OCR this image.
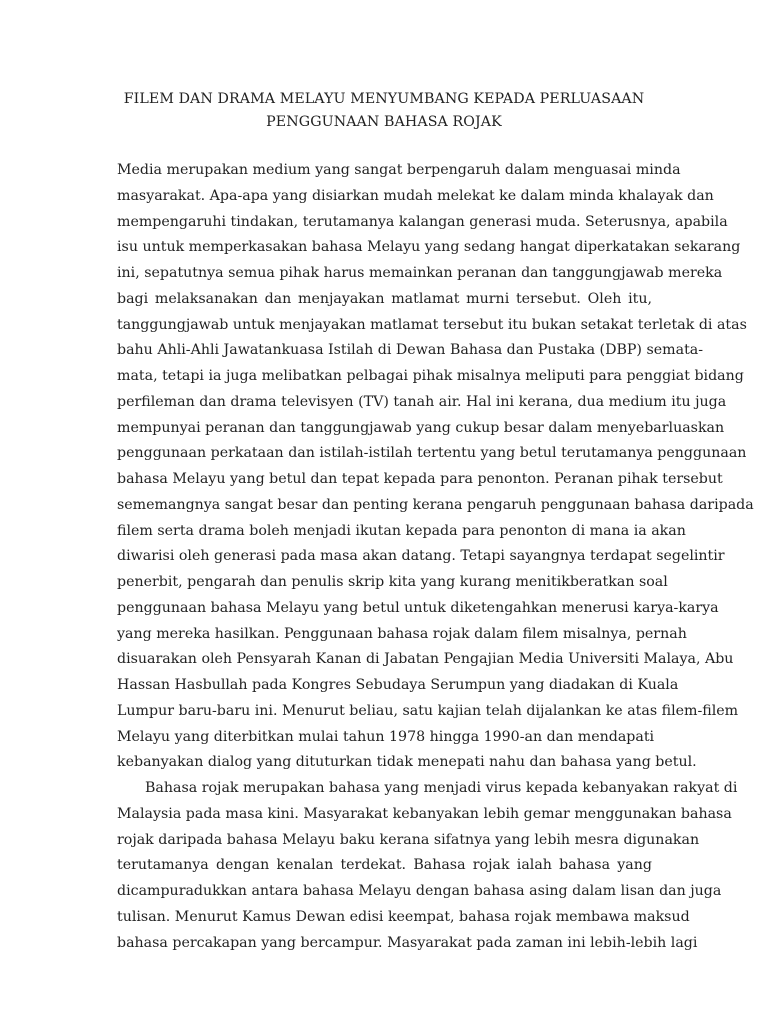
FILEM DAN DRAMA MELAYU MENYUMBANG KEPADA PERLUASAAN
PENGGUNAAN BAHASA ROJAK

Media merupakan medium yang sangat berpengaruh dalam menguasai minda
masyarakat. Apa-apa yang disiarkan mudah melekat ke dalam minda khalayak dan
mempengaruhi tindakan, terutamanya kalangan generasi muda. Seterusnya, apabila
isu untuk memperkasakan bahasa Melayu yang sedang hangat diperkatakan sekarang
ini, sepatutnya semua pihak harus memainkan peranan dan tanggungjawab mereka
bagi melaksanakan dan menjayakan matlamat murni tersebut. Oleh itu,
tanggungjawab untuk menjayakan matlamat tersebut itu bukan setakat terletak di atas
bahu Ahli-Ahli Jawatankuasa Istilah di Dewan Bahasa dan Pustaka (DBP) semata-
mata, tetapi ia juga melibatkan pelbagai pihak misalnya meliputi para penggiat bidang
perfileman dan drama televisyen (TV) tanah air. Hal ini kerana, dua medium itu juga
mempunyai peranan dan tanggungjawab yang cukup besar dalam menyebarluaskan
penggunaan perkataan dan istilah-istilah tertentu yang betul terutamanya penggunaan
bahasa Melayu yang betul dan tepat kepada para penonton. Peranan pihak tersebut
sememangnya sangat besar dan penting kerana pengaruh penggunaan bahasa daripada
filem serta drama boleh menjadi ikutan kepada para penonton di mana ia akan
diwarisi oleh generasi pada masa akan datang. Tetapi sayangnya terdapat segelintir
penerbit, pengarah dan penulis skrip kita yang kurang menitikberatkan soal
penggunaan bahasa Melayu yang betul untuk diketengahkan menerusi karya-karya
yang mereka hasilkan. Penggunaan bahasa rojak dalam filem misalnya, pernah
disuarakan oleh Pensyarah Kanan di Jabatan Pengajian Media Universiti Malaya, Abu
Hassan Hasbullah pada Kongres Sebudaya Serumpun yang diadakan di Kuala
Lumpur baru-baru ini. Menurut beliau, satu kajian telah dijalankan ke atas filem-filem
Melayu yang diterbitkan mulai tahun 1978 hingga 1990-an dan mendapati
kebanyakan dialog yang dituturkan tidak menepati nahu dan bahasa yang betul.

Bahasa rojak merupakan bahasa yang menjadi virus kepada kebanyakan rakyat di
Malaysia pada masa kini. Masyarakat kebanyakan lebih gemar menggunakan bahasa
rojak daripada bahasa Melayu baku kerana sifatnya yang lebih mesra digunakan
terutamanya dengan kenalan terdekat. Bahasa rojak ialah bahasa yang
dicampuradukkan antara bahasa Melayu dengan bahasa asing dalam lisan dan juga
tulisan. Menurut Kamus Dewan edisi keempat, bahasa rojak membawa maksud
bahasa percakapan yang bercampur. Masyarakat pada zaman ini lebih-lebih lagi
